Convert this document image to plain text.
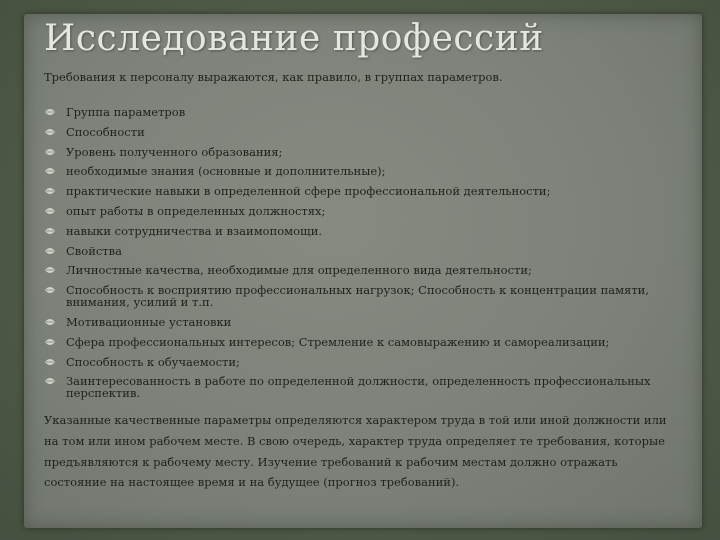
Исследование профессий
Требования к персоналу выражаются, как правило, в группах параметров.
Группа параметров
Способности
Уровень полученного образования;
необходимые знания (основные и дополнительные);
практические навыки в определенной сфере профессиональной деятельности;
опыт работы в определенных должностях;
навыки сотрудничества и взаимопомощи.
Свойства
Личностные качества, необходимые для определенного вида деятельности;
Способность к восприятию профессиональных нагрузок; Способность к концентрации памяти, внимания, усилий и т.п.
Мотивационные установки
Сфера профессиональных интересов; Стремление к самовыражению и самореализации;
Способность к обучаемости;
Заинтересованность в работе по определенной должности, определенность профессиональных перспектив.
Указанные качественные параметры определяются характером труда в той или иной должности или на том или ином рабочем месте. В свою очередь, характер труда определяет те требования, которые предъявляются к рабочему месту. Изучение требований к рабочим местам должно отражать состояние на настоящее время и на будущее (прогноз требований).
